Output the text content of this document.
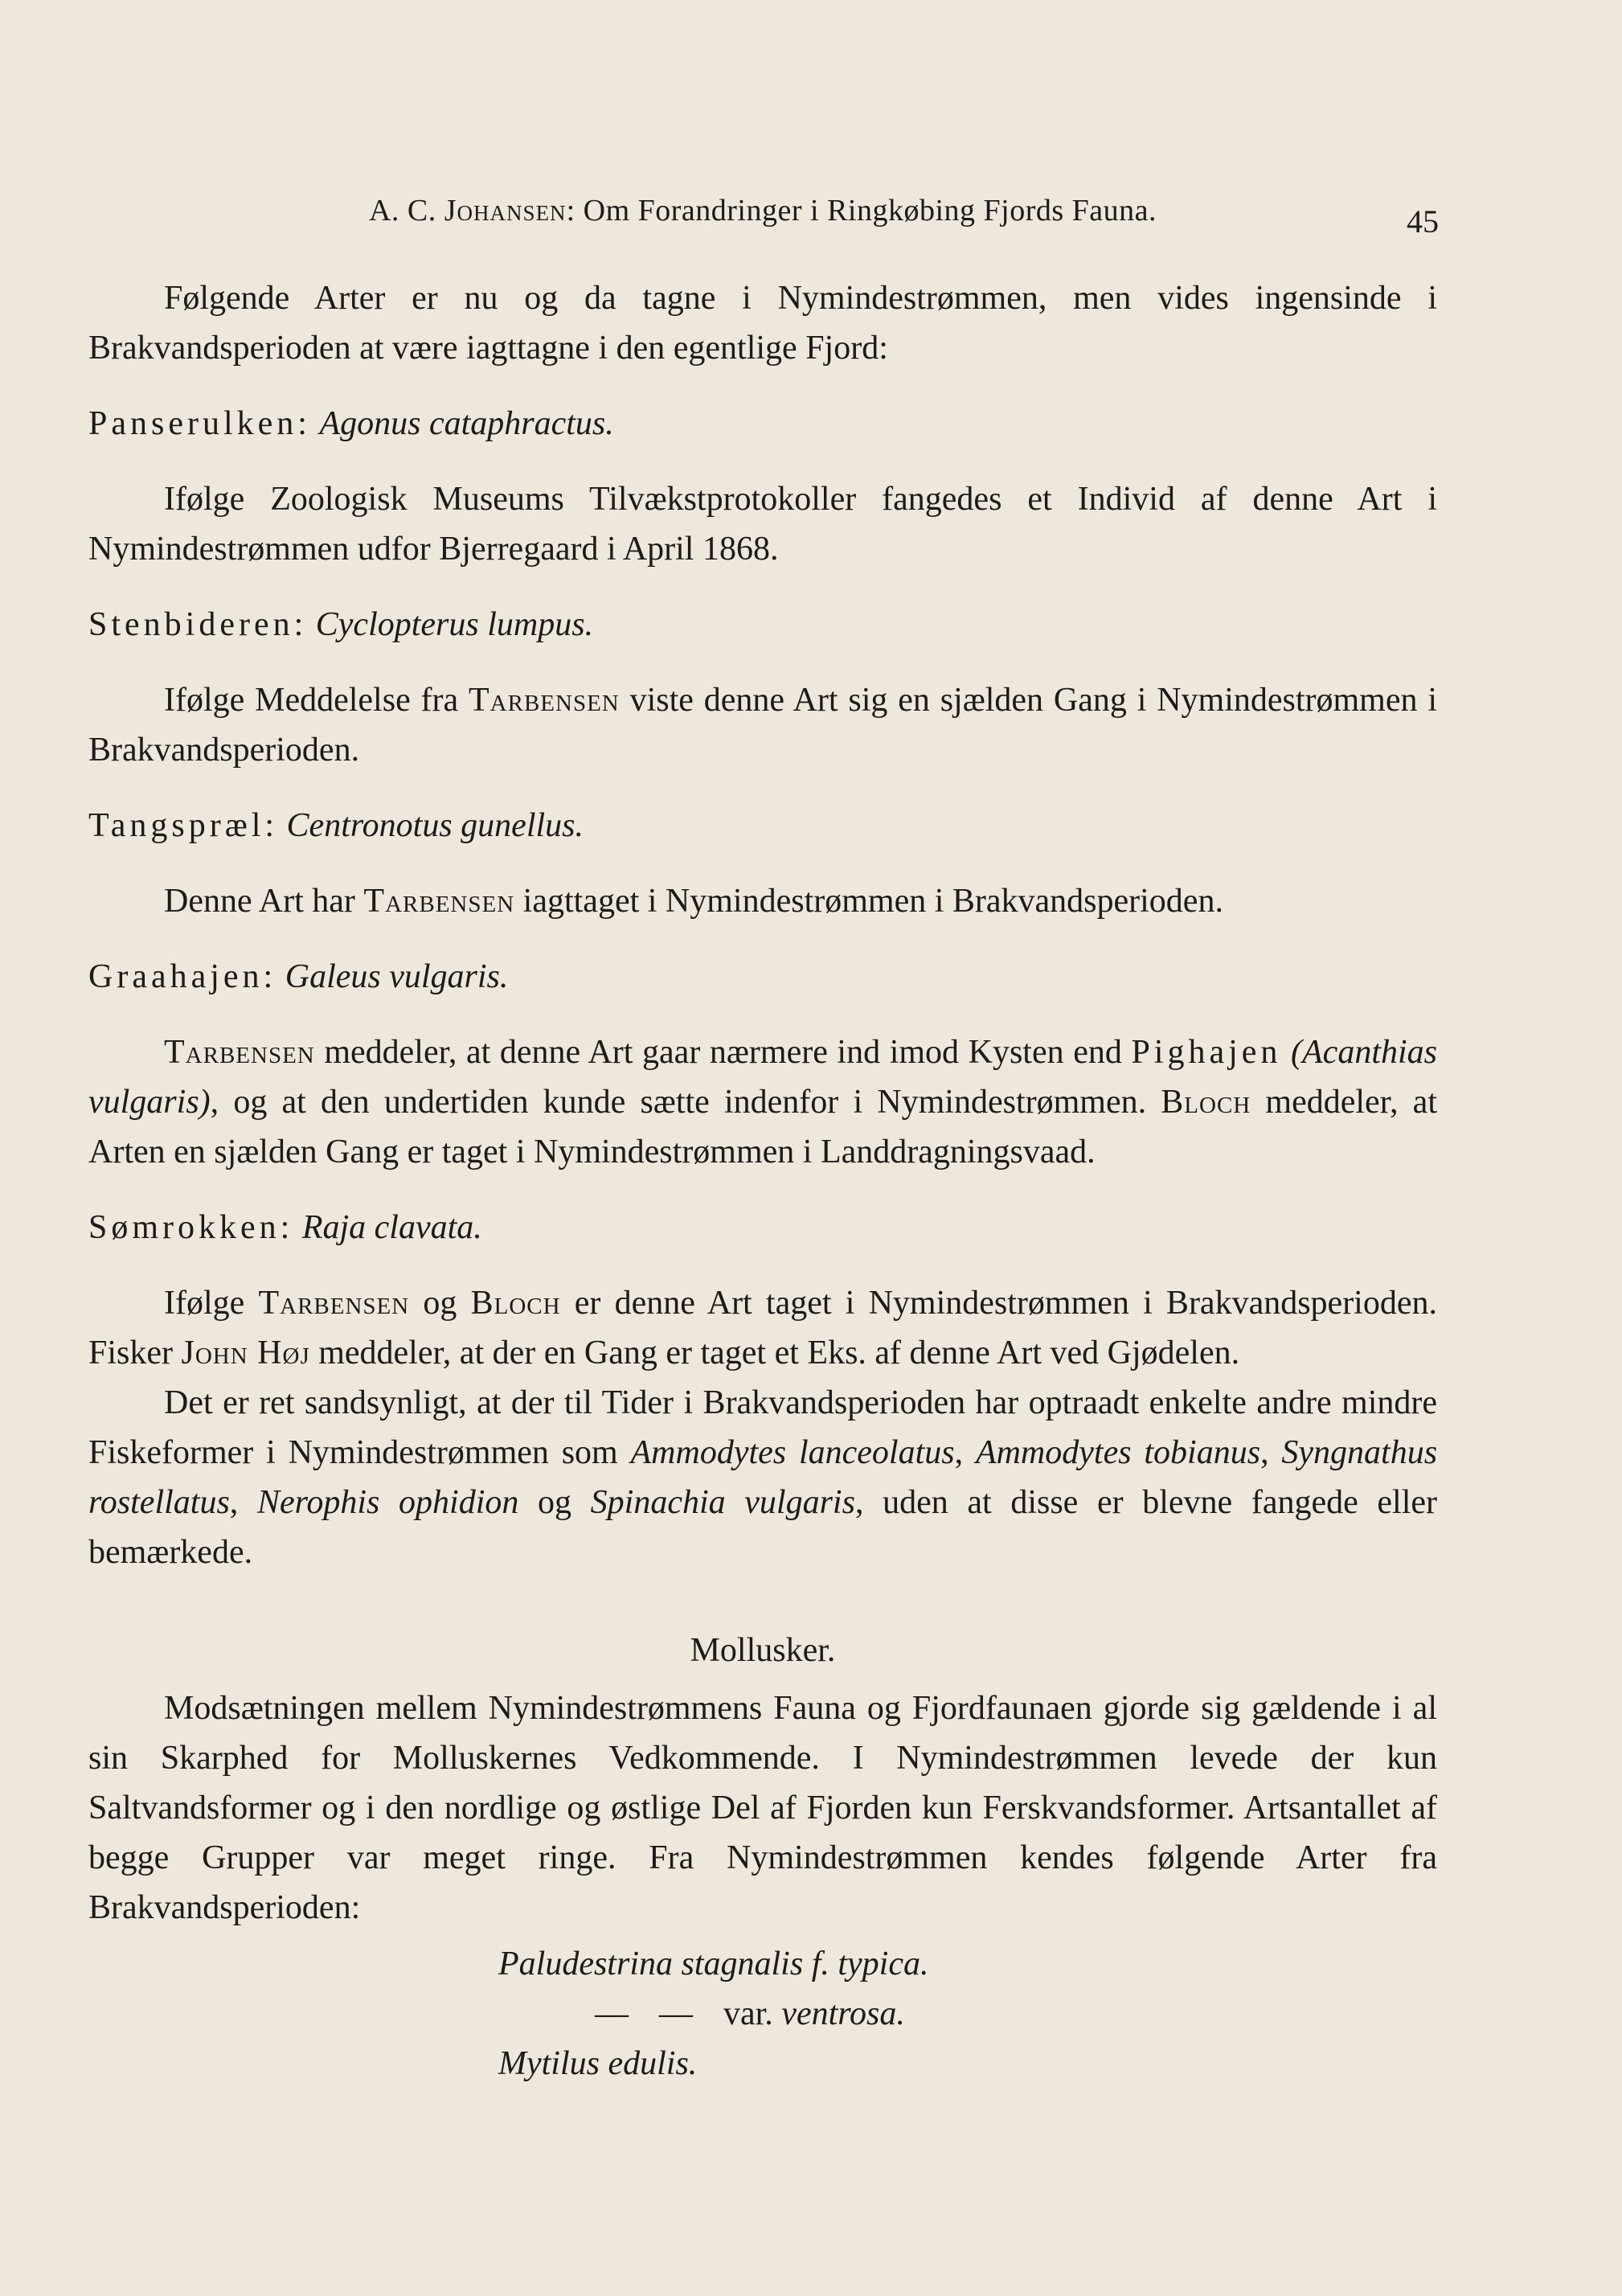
A. C. Johansen: Om Forandringer i Ringkøbing Fjords Fauna.	45

Følgende Arter er nu og da tagne i Nymindestrømmen, men vides ingensinde i Brakvandsperioden at være iagttagne i den egentlige Fjord:

Panserulken: Agonus cataphractus.

Ifølge Zoologisk Museums Tilvækstprotokoller fangedes et Individ af denne Art i Nymindestrømmen udfor Bjerregaard i April 1868.

Stenbideren: Cyclopterus lumpus.

Ifølge Meddelelse fra Tarbensen viste denne Art sig en sjælden Gang i Nymindestrømmen i Brakvandsperioden.

Tangspræl: Centronotus gunellus.

Denne Art har Tarbensen iagttaget i Nymindestrømmen i Brakvandsperioden.

Graahajen: Galeus vulgaris.

Tarbensen meddeler, at denne Art gaar nærmere ind imod Kysten end Pighajen (Acanthias vulgaris), og at den undertiden kunde sætte indenfor i Nymindestrømmen. Bloch meddeler, at Arten en sjælden Gang er taget i Nymindestrømmen i Landdragningsvaad.

Sømrokken: Raja clavata.

Ifølge Tarbensen og Bloch er denne Art taget i Nymindestrømmen i Brakvandsperioden. Fisker John Høj meddeler, at der en Gang er taget et Eks. af denne Art ved Gjødelen.

Det er ret sandsynligt, at der til Tider i Brakvandsperioden har optraadt enkelte andre mindre Fiskeformer i Nymindestrømmen som Ammodytes lanceolatus, Ammodytes tobianus, Syngnathus rostellatus, Nerophis ophidion og Spinachia vulgaris, uden at disse er blevne fangede eller bemærkede.

Mollusker.

Modsætningen mellem Nymindestrømmens Fauna og Fjordfaunaen gjorde sig gældende i al sin Skarphed for Molluskernes Vedkommende. I Nymindestrømmen levede der kun Saltvandsformer og i den nordlige og østlige Del af Fjorden kun Ferskvandsformer. Artsantallet af begge Grupper var meget ringe. Fra Nymindestrømmen kendes følgende Arter fra Brakvandsperioden:

Paludestrina stagnalis f. typica.

— — var. ventrosa.

Mytilus edulis.
